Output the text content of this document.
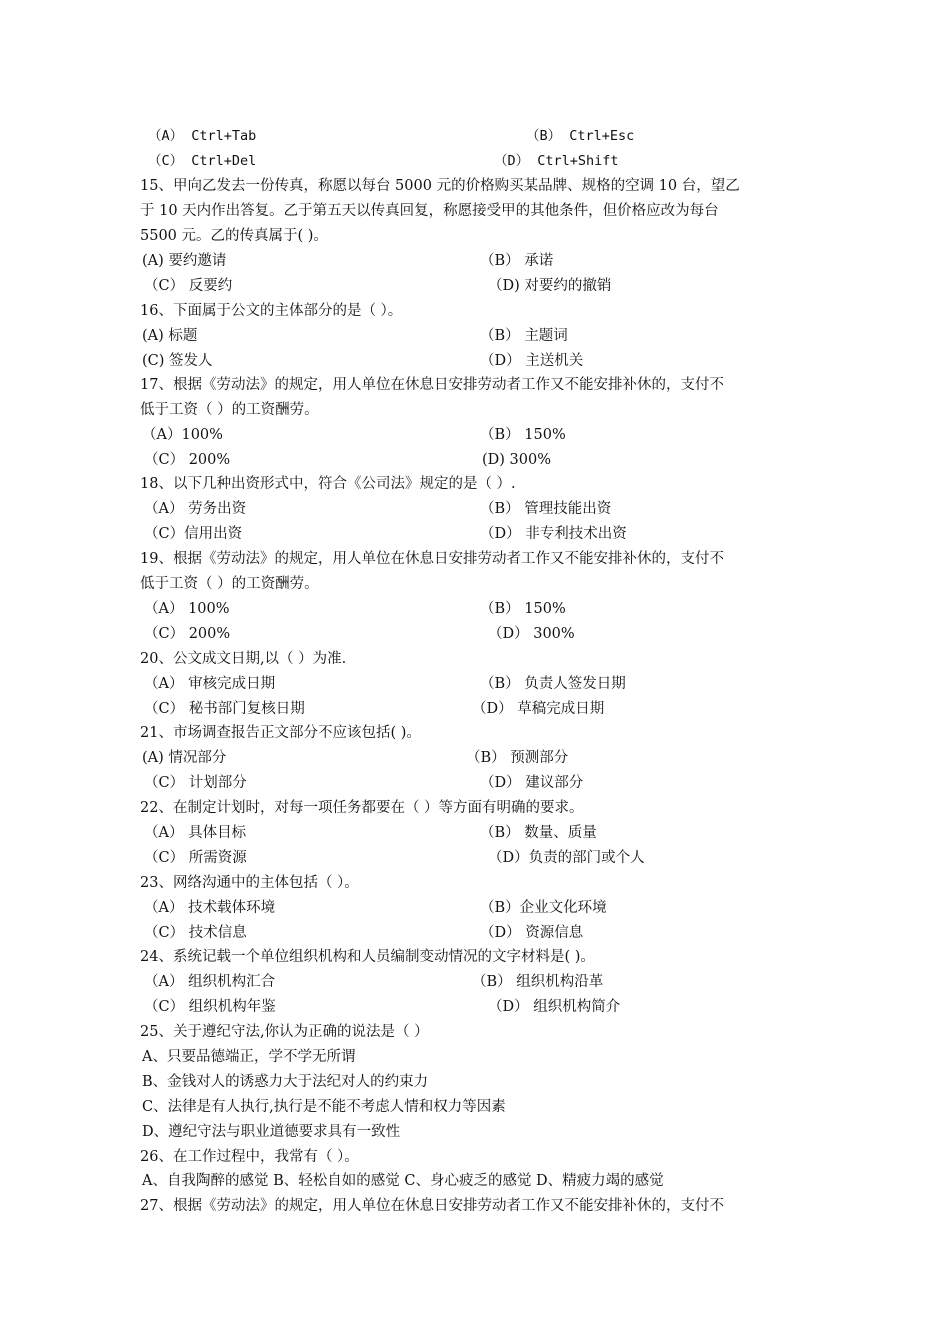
（A） Ctrl+Tab	（B） Ctrl+Esc
（C） Ctrl+Del	（D） Ctrl+Shift
15、甲向乙发去一份传真，称愿以每台 5000 元的价格购买某品牌、规格的空调 10 台，望乙
于 10 天内作出答复。乙于第五天以传真回复，称愿接受甲的其他条件，但价格应改为每台
5500 元。乙的传真属于( )。
(A) 要约邀请	（B） 承诺
（C） 反要约	（D) 对要约的撤销
16、下面属于公文的主体部分的是（ ）。
(A) 标题	（B） 主题词
(C) 签发人	（D） 主送机关
17、根据《劳动法》的规定，用人单位在休息日安排劳动者工作又不能安排补休的，支付不
低于工资（ ）的工资酬劳。
（A）100%	（B） 150%
（C） 200%	(D) 300%
18、以下几种出资形式中，符合《公司法》规定的是（ ）.
（A） 劳务出资	（B） 管理技能出资
（C）信用出资	（D） 非专利技术出资
19、根据《劳动法》的规定，用人单位在休息日安排劳动者工作又不能安排补休的，支付不
低于工资（ ）的工资酬劳。
（A） 100%	（B） 150%
（C） 200%	（D） 300%
20、公文成文日期,以（ ）为准.
（A） 审核完成日期	（B） 负责人签发日期
（C） 秘书部门复核日期	（D） 草稿完成日期
21、市场调查报告正文部分不应该包括( )。
(A) 情况部分	（B） 预测部分
（C） 计划部分	（D） 建议部分
22、在制定计划时，对每一项任务都要在（ ）等方面有明确的要求。
（A） 具体目标	（B） 数量、质量
（C） 所需资源	（D）负责的部门或个人
23、网络沟通中的主体包括（ ）。
（A） 技术载体环境	（B）企业文化环境
（C） 技术信息	（D） 资源信息
24、系统记载一个单位组织机构和人员编制变动情况的文字材料是( )。
（A） 组织机构汇合	（B） 组织机构沿革
（C） 组织机构年鉴	（D） 组织机构简介
25、关于遵纪守法,你认为正确的说法是（ ）
A、只要品德端正，学不学无所谓
B、金钱对人的诱惑力大于法纪对人的约束力
C、法律是有人执行,执行是不能不考虑人情和权力等因素
D、遵纪守法与职业道德要求具有一致性
26、在工作过程中，我常有（ ）。
A、自我陶醉的感觉 B、轻松自如的感觉 C、身心疲乏的感觉 D、精疲力竭的感觉
27、根据《劳动法》的规定，用人单位在休息日安排劳动者工作又不能安排补休的，支付不
